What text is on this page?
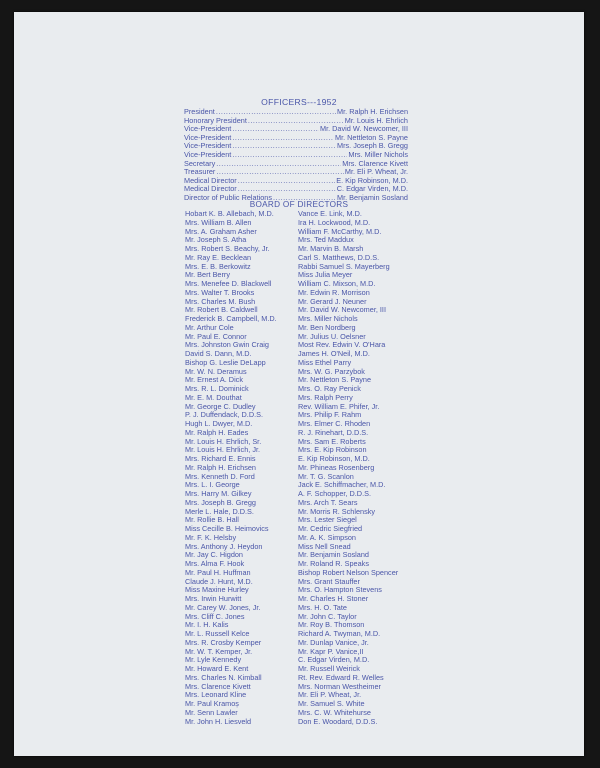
OFFICERS---1952
President .....	Mr. Ralph H. Erichsen
Honorary President .....	Mr. Louis H. Ehrlich
Vice-President .....	Mr. David W. Newcomer, III
Vice-President .....	Mr. Nettleton S. Payne
Vice-President .....	Mrs. Joseph B. Gregg
Vice-President .....	Mrs. Miller Nichols
Secretary .....	Mrs. Clarence Kivett
Treasurer .....	Mr. Eli P. Wheat, Jr.
Medical Director .....	E. Kip Robinson, M.D.
Medical Director .....	C. Edgar Virden, M.D.
Director of Public Relations .....	Mr. Benjamin Sosland
BOARD OF DIRECTORS
Hobart K. B. Allebach, M.D.
Mrs. William B. Allen
Mrs. A. Graham Asher
Mr. Joseph S. Atha
Mrs. Robert S. Beachy, Jr.
Mr. Ray E. Becklean
Mrs. E. B. Berkowitz
Mr. Bert Berry
Mrs. Menefee D. Blackwell
Mrs. Walter T. Brooks
Mrs. Charles M. Bush
Mr. Robert B. Caldwell
Frederick B. Campbell, M.D.
Mr. Arthur Cole
Mr. Paul E. Connor
Mrs. Johnston Gwin Craig
David S. Dann, M.D.
Bishop G. Leslie DeLapp
Mr. W. N. Deramus
Mr. Ernest A. Dick
Mrs. R. L. Dominick
Mr. E. M. Douthat
Mr. George C. Dudley
P. J. Duffendack, D.D.S.
Hugh L. Dwyer, M.D.
Mr. Ralph H. Eades
Mr. Louis H. Ehrlich, Sr.
Mr. Louis H. Ehrlich, Jr.
Mrs. Richard E. Ennis
Mr. Ralph H. Erichsen
Mrs. Kenneth D. Ford
Mrs. L. I. George
Mrs. Harry M. Gilkey
Mrs. Joseph B. Gregg
Merle L. Hale, D.D.S.
Mr. Rollie B. Hall
Miss Cecille B. Heimovics
Mr. F. K. Helsby
Mrs. Anthony J. Heydon
Mr. Jay C. Higdon
Mrs. Alma F. Hook
Mr. Paul H. Huffman
Claude J. Hunt, M.D.
Miss Maxine Hurley
Mrs. Irwin Hurwitt
Mr. Carey W. Jones, Jr.
Mrs. Cliff C. Jones
Mr. I. H. Kalis
Mr. L. Russell Kelce
Mrs. R. Crosby Kemper
Mr. W. T. Kemper, Jr.
Mr. Lyle Kennedy
Mr. Howard E. Kent
Mrs. Charles N. Kimball
Mrs. Clarence Kivett
Mrs. Leonard Kline
Mr. Paul Kramoș
Mr. Senn Lawler
Mr. John H. Liesveld
Vance E. Link, M.D.
Ira H. Lockwood, M.D.
William F. McCarthy, M.D.
Mrs. Ted Maddux
Mr. Marvin B. Marsh
Carl S. Matthews, D.D.S.
Rabbi Samuel S. Mayerberg
Miss Julia Meyer
William C. Mixson, M.D.
Mr. Edwin R. Morrison
Mr. Gerard J. Neuner
Mr. David W. Newcomer, III
Mrs. Miller Nichols
Mr. Ben Nordberg
Mr. Julius U. Oelsner
Most Rev. Edwin V. O'Hara
James H. O'Neil, M.D.
Miss Ethel Parry
Mrs. W. G. Parzybok
Mr. Nettleton S. Payne
Mrs. O. Ray Penick
Mrs. Ralph Perry
Rev. William E. Phifer, Jr.
Mrs. Philip F. Rahm
Mrs. Elmer C. Rhoden
R. J. Rinehart, D.D.S.
Mrs. Sam E. Roberts
Mrs. E. Kip Robinson
E. Kip Robinson, M.D.
Mr. Phineas Rosenberg
Mr. T. G. Scanlon
Jack E. Schiffmacher, M.D.
A. F. Schopper, D.D.S.
Mrs. Arch T. Sears
Mr. Morris R. Schlensky
Mrs. Lester Siegel
Mr. Cedric Siegfried
Mr. A. K. Simpson
Miss Nell Snead
Mr. Benjamin Sosland
Mr. Roland R. Speaks
Bishop Robert Nelson Spencer
Mrs. Grant Stauffer
Mrs. O. Hampton Stevens
Mr. Charles H. Stoner
Mrs. H. O. Tate
Mr. John C. Taylor
Mr. Roy B. Thomson
Richard A. Twyman, M.D.
Mr. Dunlap Vanice, Jr.
Mr. Kapr P. Vanice,II
C. Edgar Virden, M.D.
Mr. Russell Weirick
Rt. Rev. Edward R. Welles
Mrs. Norman Westheimer
Mr. Eli P. Wheat, Jr.
Mr. Samuel S. White
Mrs. C. W. Whitehurse
Don E. Woodard, D.D.S.
